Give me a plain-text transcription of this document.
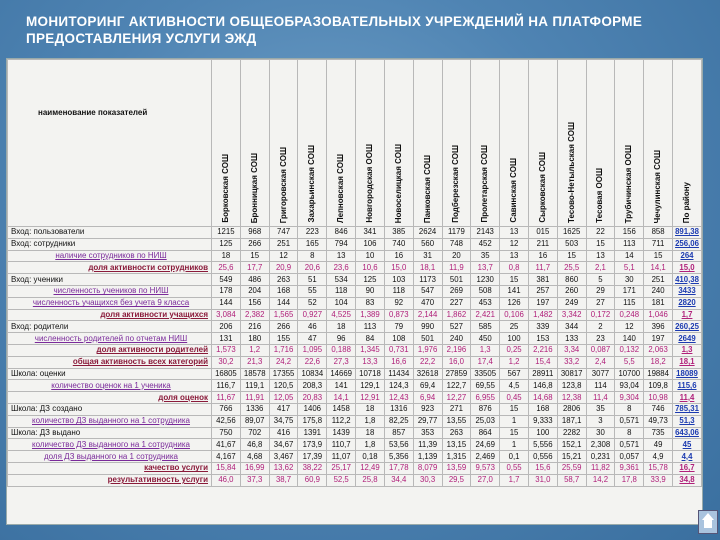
МОНИТОРИНГ АКТИВНОСТИ ОБЩЕОБРАЗОВАТЕЛЬНЫХ УЧРЕЖДЕНИЙ НА ПЛАТФОРМЕ ПРЕДОСТАВЛЕНИЯ УСЛУГИ ЭЖД
наименование показателей	Борковская СОШ	Бронницкая СОШ	Григоровская СОШ	Захарьинская СОШ	Лепновская СОШ	Новгородская ООШ	Новоселицкая СОШ	Панковская СОШ	Подберезская СОШ	Пролетарская СОШ	Савинская СОШ	Сырковская СОШ	Тесово-Нетыльская СОШ	Тесовая ООШ	Трубичинская ООШ	Чечулинская СОШ	По району
Вход: пользователи	1215	968	747	223	846	341	385	2624	1179	2143	13	015	1625	22	156	858	891,38
Вход: сотрудники	125	266	251	165	794	106	740	560	748	452	12	211	503	15	113	711	256,06
наличие сотрудников по НИШ	18	15	12	8	13	10	16	31	20	35	13	16	15	13	14	15	264
доля активности сотрудников	25,6	17,7	20,9	20,6	23,6	10,6	15,0	18,1	11,9	13,7	0,8	11,7	25,5	2,1	5,1	14,1	15,0
Вход: ученики	549	486	263	51	534	125	103	1173	501	1230	15	381	860	5	30	251	410,38
численность учеников по НИШ	178	204	168	55	118	90	118	547	269	508	141	257	260	29	171	240	3433
численность учащихся без учета 9 класса	144	156	144	52	104	83	92	470	227	453	126	197	249	27	115	181	2820
доля активности учащихся	3,084	2,382	1,565	0,927	4,525	1,389	0,873	2,144	1,862	2,421	0,106	1,482	3,342	0,172	0,248	1,046	1,7
Вход: родители	206	216	266	46	18	113	79	990	527	585	25	339	344	2	12	396	260,25
численность родителей по отчетам НИШ	131	180	155	47	96	84	108	501	240	450	100	153	133	23	140	197	2649
доля активности родителей	1,573	1,2	1,716	1,095	0,188	1,345	0,731	1,976	2,196	1,3	0,25	2,216	3,34	0,087	0,132	2,063	1,3
общая активность всех категорий	30,2	21,3	24,2	22,6	27,3	13,3	16,6	22,2	16,0	17,4	1,2	15,4	33,2	2,4	5,5	18,2	18,1
Школа: оценки	16805	18578	17355	10834	14669	10718	11434	32618	27859	33505	567	28911	30817	3077	10700	19884	18089
количество оценок на 1 ученика	116,7	119,1	120,5	208,3	141	129,1	124,3	69,4	122,7	69,55	4,5	146,8	123,8	114	93,04	109,8	115,6
доля оценок	11,67	11,91	12,05	20,83	14,1	12,91	12,43	6,94	12,27	6,955	0,45	14,68	12,38	11,4	9,304	10,98	11,4
Школа: ДЗ создано	766	1336	417	1406	1458	18	1316	923	271	876	15	168	2806	35	8	746	785,31
количество ДЗ выданного на 1 сотрудника	42,56	89,07	34,75	175,8	112,2	1,8	82,25	29,77	13,55	25,03	1	9,333	187,1	3	0,571	49,73	51,3
Школа: ДЗ выдано	750	702	416	1391	1439	18	857	353	263	864	15	100	2282	30	8	735	643,06
количество ДЗ выданного на 1 сотрудника	41,67	46,8	34,67	173,9	110,7	1,8	53,56	11,39	13,15	24,69	1	5,556	152,1	2,308	0,571	49	45
доля ДЗ выданного на 1 сотрудника	4,167	4,68	3,467	17,39	11,07	0,18	5,356	1,139	1,315	2,469	0,1	0,556	15,21	0,231	0,057	4,9	4,4
качество услуги	15,84	16,99	13,62	38,22	25,17	12,49	17,78	8,079	13,59	9,573	0,55	15,6	25,59	11,82	9,361	15,78	16,7
результативность услуги	46,0	37,3	38,7	60,9	52,5	25,8	34,4	30,3	29,5	27,0	1,7	31,0	58,7	14,2	17,8	33,9	34,8
